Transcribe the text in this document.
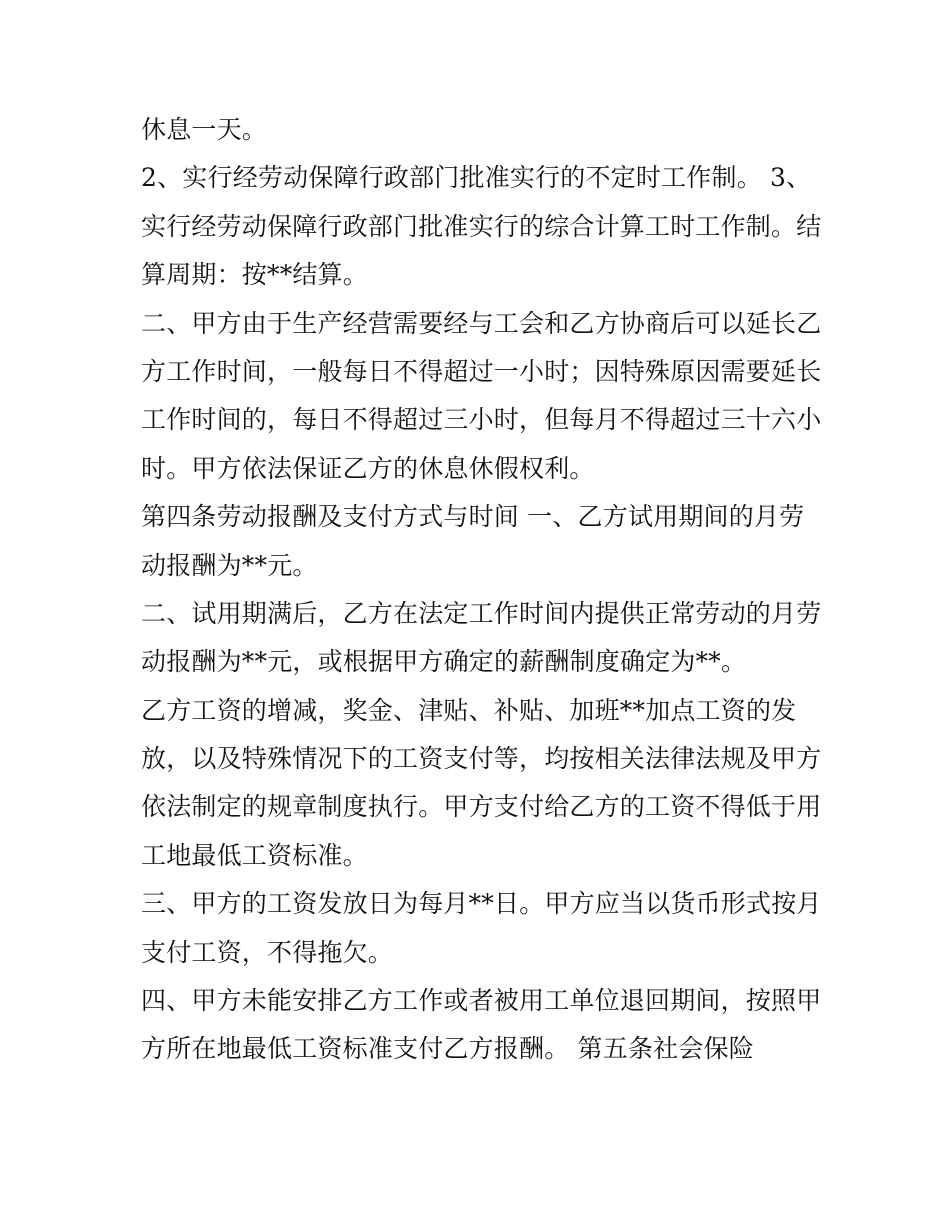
休息一天。
2、实行经劳动保障行政部门批准实行的不定时工作制。 3、
实行经劳动保障行政部门批准实行的综合计算工时工作制。结
算周期：按**结算。
二、甲方由于生产经营需要经与工会和乙方协商后可以延长乙
方工作时间，一般每日不得超过一小时；因特殊原因需要延长
工作时间的，每日不得超过三小时，但每月不得超过三十六小
时。甲方依法保证乙方的休息休假权利。
第四条劳动报酬及支付方式与时间 一、乙方试用期间的月劳
动报酬为**元。
二、试用期满后，乙方在法定工作时间内提供正常劳动的月劳
动报酬为**元，或根据甲方确定的薪酬制度确定为**。
乙方工资的增减，奖金、津贴、补贴、加班**加点工资的发
放，以及特殊情况下的工资支付等，均按相关法律法规及甲方
依法制定的规章制度执行。甲方支付给乙方的工资不得低于用
工地最低工资标准。
三、甲方的工资发放日为每月**日。甲方应当以货币形式按月
支付工资，不得拖欠。
四、甲方未能安排乙方工作或者被用工单位退回期间，按照甲
方所在地最低工资标准支付乙方报酬。 第五条社会保险
